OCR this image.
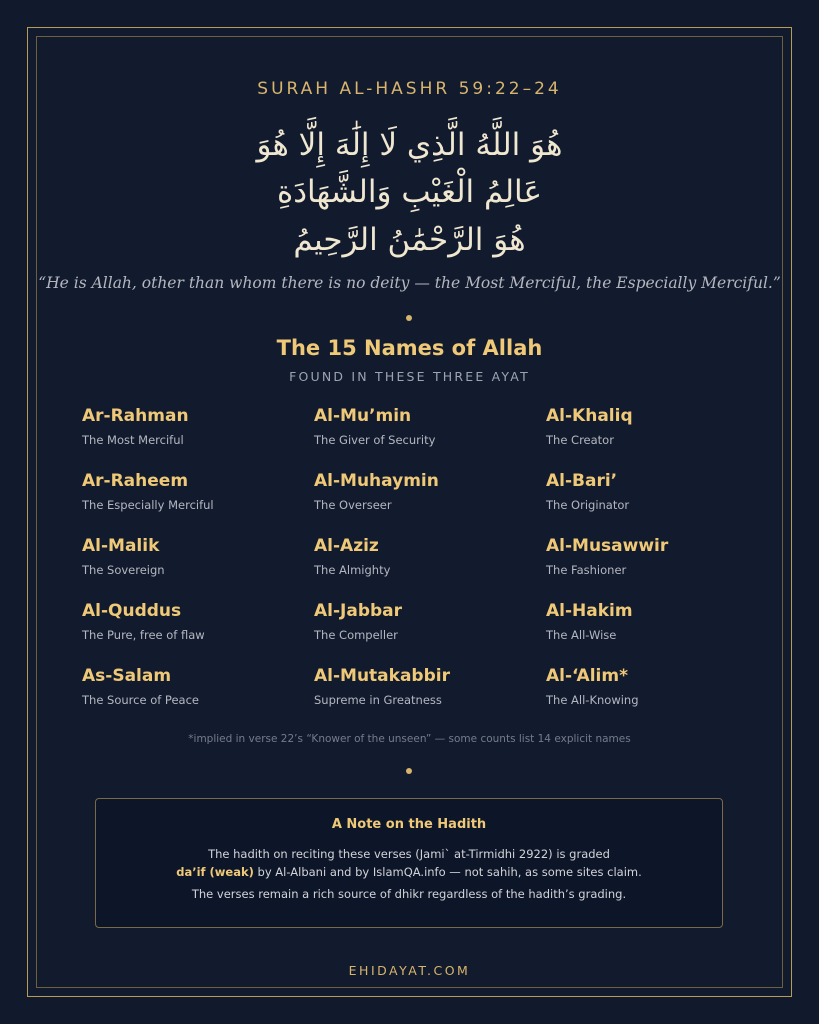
SURAH AL-HASHR 59:22–24
هُوَ اللَّهُ الَّذِي لَا إِلَٰهَ إِلَّا هُوَ
عَالِمُ الْغَيْبِ وَالشَّهَادَةِ
هُوَ الرَّحْمَٰنُ الرَّحِيمُ
“He is Allah, other than whom there is no deity — the Most Merciful, the Especially Merciful.”
The 15 Names of Allah
FOUND IN THESE THREE AYAT
Ar-Rahman
The Most Merciful
Al-Mu’min
The Giver of Security
Al-Khaliq
The Creator
Ar-Raheem
The Especially Merciful
Al-Muhaymin
The Overseer
Al-Bari’
The Originator
Al-Malik
The Sovereign
Al-Aziz
The Almighty
Al-Musawwir
The Fashioner
Al-Quddus
The Pure, free of flaw
Al-Jabbar
The Compeller
Al-Hakim
The All-Wise
As-Salam
The Source of Peace
Al-Mutakabbir
Supreme in Greatness
Al-‘Alim*
The All-Knowing
*implied in verse 22’s “Knower of the unseen” — some counts list 14 explicit names
A Note on the Hadith
The hadith on reciting these verses (Jami` at-Tirmidhi 2922) is graded
da’if (weak) by Al-Albani and by IslamQA.info — not sahih, as some sites claim.
The verses remain a rich source of dhikr regardless of the hadith’s grading.
EHIDAYAT.COM
